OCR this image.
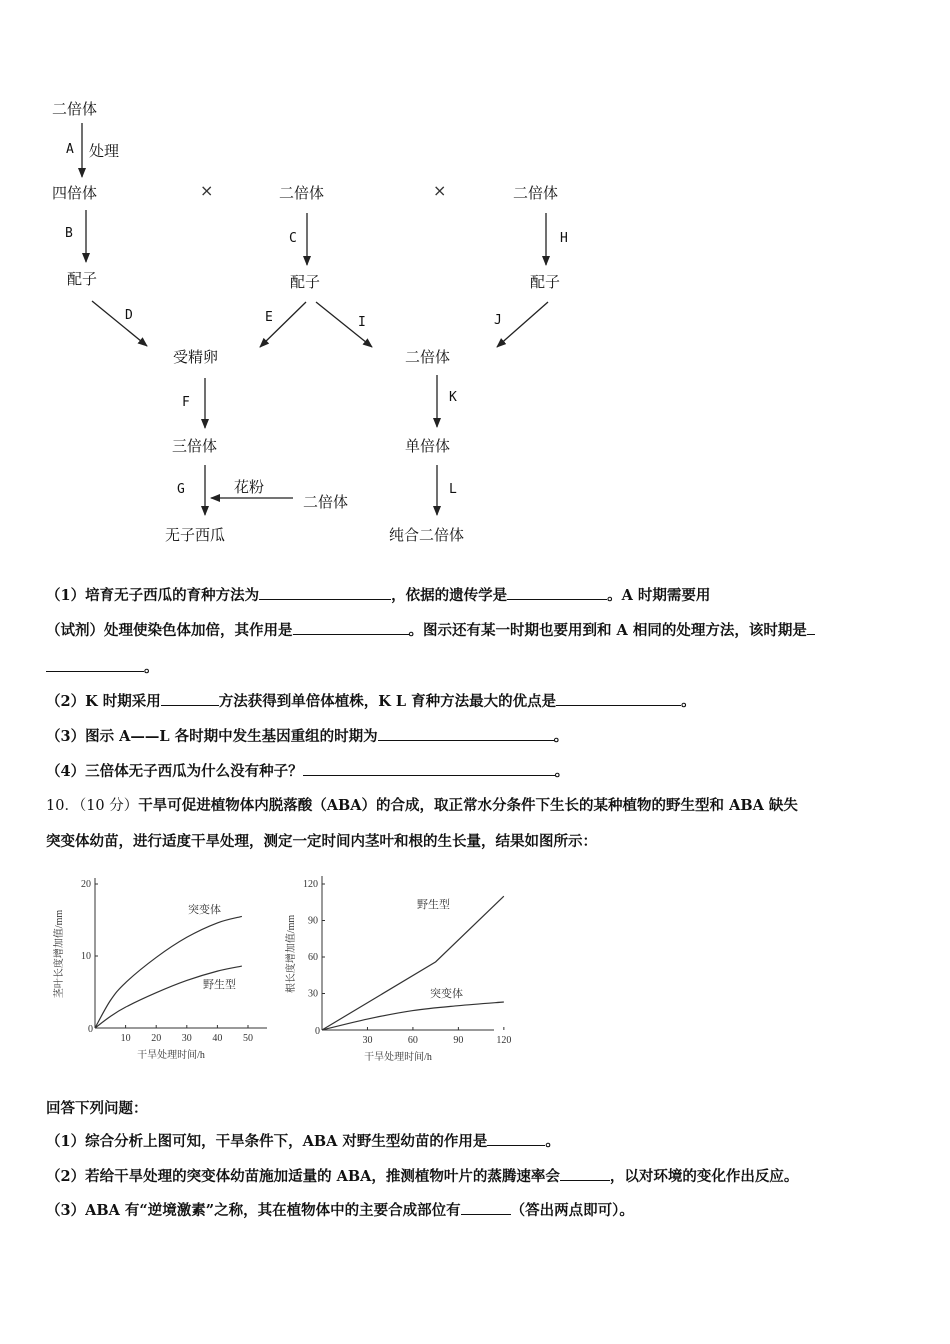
二倍体
A 处理
四倍体	×	二倍体	×	二倍体
B	C	H
配子	配子	配子
D	E	I	J
受精卵	二倍体
F	K
三倍体	单倍体
G	花粉
二倍体
L
无子西瓜	纯合二倍体
（1）培育无子西瓜的育种方法为	，依据的遗传学是	。A 时期需要用
（试剂）处理使染色体加倍，其作用是	。图示还有某一时期也要用到和 A 相同的处理方法，该时期是
。
（2）K 时期采用	方法获得到单倍体植株，K L 育种方法最大的优点是	。
（3）图示 A——L 各时期中发生基因重组的时期为	。
（4）三倍体无子西瓜为什么没有种子？	。
10．（10 分）干旱可促进植物体内脱落酸（ABA）的合成，取正常水分条件下生长的某种植物的野生型和 ABA 缺失
突变体幼苗，进行适度干旱处理，测定一定时间内茎叶和根的生长量，结果如图所示：
10 20 30 40 50
10
20
0
干旱处理时间/h
茎叶长度增加值/mm	突变体
野生型
30	60	90	120
30
60
90
120
0
干旱处理时间/h
根长度增加值/mm
野生型
突变体
回答下列问题：
（1）综合分析上图可知，干旱条件下，ABA 对野生型幼苗的作用是	。
（2）若给干旱处理的突变体幼苗施加适量的 ABA，推测植物叶片的蒸腾速率会	，以对环境的变化作出反应。
（3）ABA 有“逆境激素”之称，其在植物体中的主要合成部位有	（答出两点即可）。
